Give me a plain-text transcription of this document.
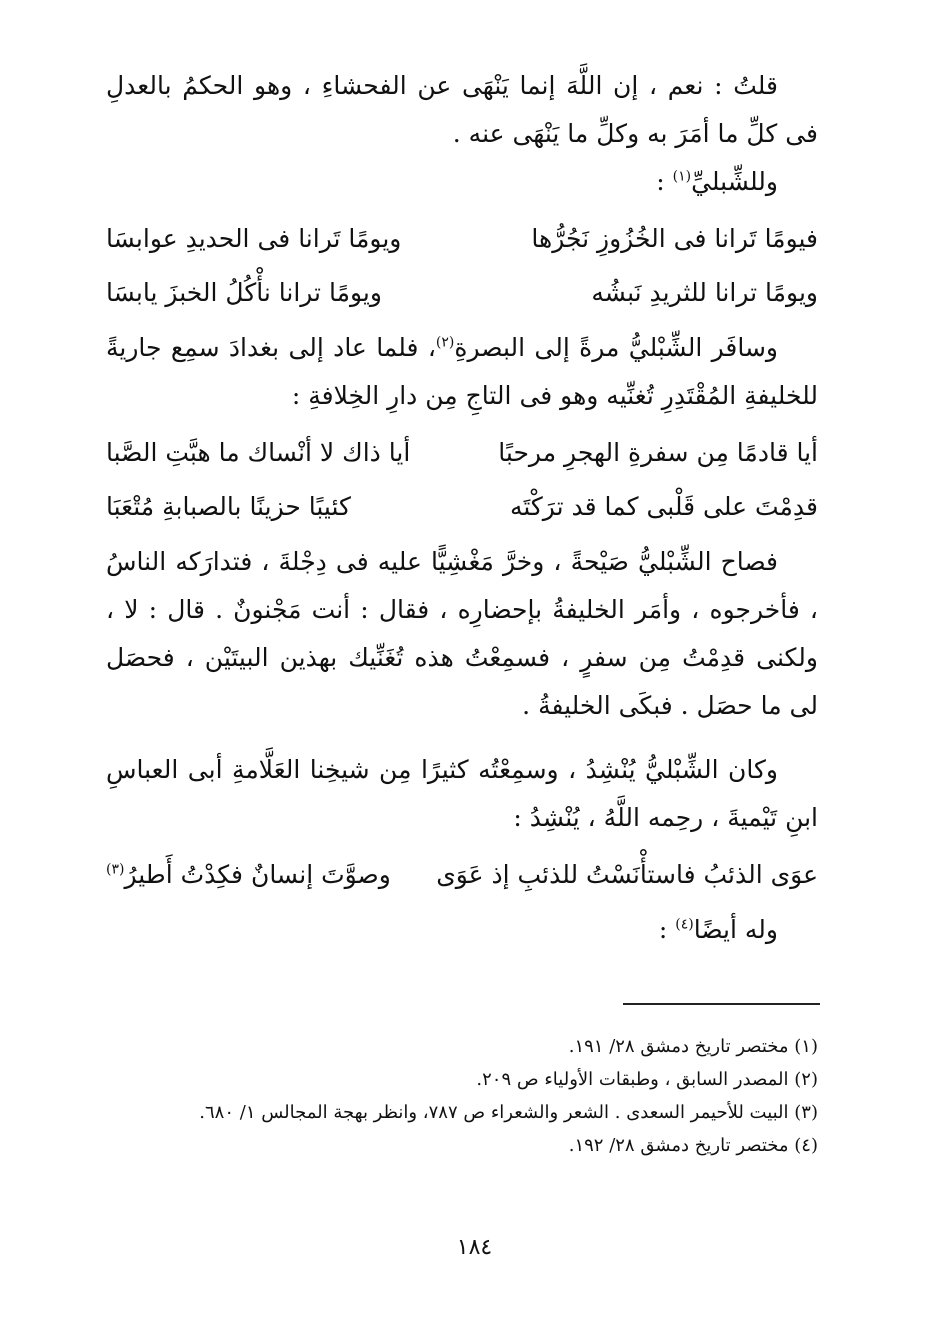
قلتُ : نعم ، إن اللَّهَ إنما يَنْهَى عن الفحشاءِ ، وهو الحكمُ بالعدلِ فى كلِّ ما أمَرَ به وكلِّ ما يَنْهَى عنه .

وللشِّبليِّ$^{(١)}$ :

فيومًا تَرانا فى الخُزُوزِ نَجُرُّها
ويومًا تَرانا فى الحديدِ عوابسَا
ويومًا ترانا للثريدِ نَبشُه
ويومًا ترانا نأْكُلُ الخبزَ يابسَا

وسافَر الشِّبْليُّ مرةً إلى البصرةِ$^{(٢)}$، فلما عاد إلى بغدادَ سمِع جاريةً للخليفةِ المُقْتَدِرِ تُغنِّيه وهو فى التاجِ مِن دارِ الخِلافةِ :

أيا قادمًا مِن سفرةِ الهجرِ مرحبًا
أيا ذاك لا أنْساك ما هبَّتِ الصَّبا
قدِمْتَ على قَلْبى كما قد ترَكْتَه
كئيبًا حزينًا بالصبابةِ مُتْعَبَا

فصاح الشِّبْليُّ صَيْحةً ، وخرَّ مَغْشِيًّا عليه فى دِجْلةَ ، فتدارَكه الناسُ ، فأخرجوه ، وأمَر الخليفةُ بإحضارِه ، فقال : أنت مَجْنونٌ . قال : لا ، ولكنى قدِمْتُ مِن سفرٍ ، فسمِعْتُ هذه تُغَنِّيك بهذين البيتَيْن ، فحصَل لى ما حصَل . فبكَى الخليفةُ .

وكان الشِّبْليُّ يُنْشِدُ ، وسمِعْتُه كثيرًا مِن شيخِنا العَلَّامةِ أبى العباسِ ابنِ تَيْميةَ ، رحِمه اللَّهُ ، يُنْشِدُ :

عوَى الذئبُ فاستأْنَسْتُ للذئبِ إذ عَوَى
وصوَّتَ إنسانٌ فكِدْتُ أَطيرُ$^{(٣)}$

وله أيضًا$^{(٤)}$ :

(١) مختصر تاريخ دمشق ٢٨/ ١٩١.

(٢) المصدر السابق ، وطبقات الأولياء ص ٢٠٩.

(٣) البيت للأحيمر السعدى . الشعر والشعراء ص ٧٨٧، وانظر بهجة المجالس ١/ ٦٨٠.

(٤) مختصر تاريخ دمشق ٢٨/ ١٩٢.

١٨٤
